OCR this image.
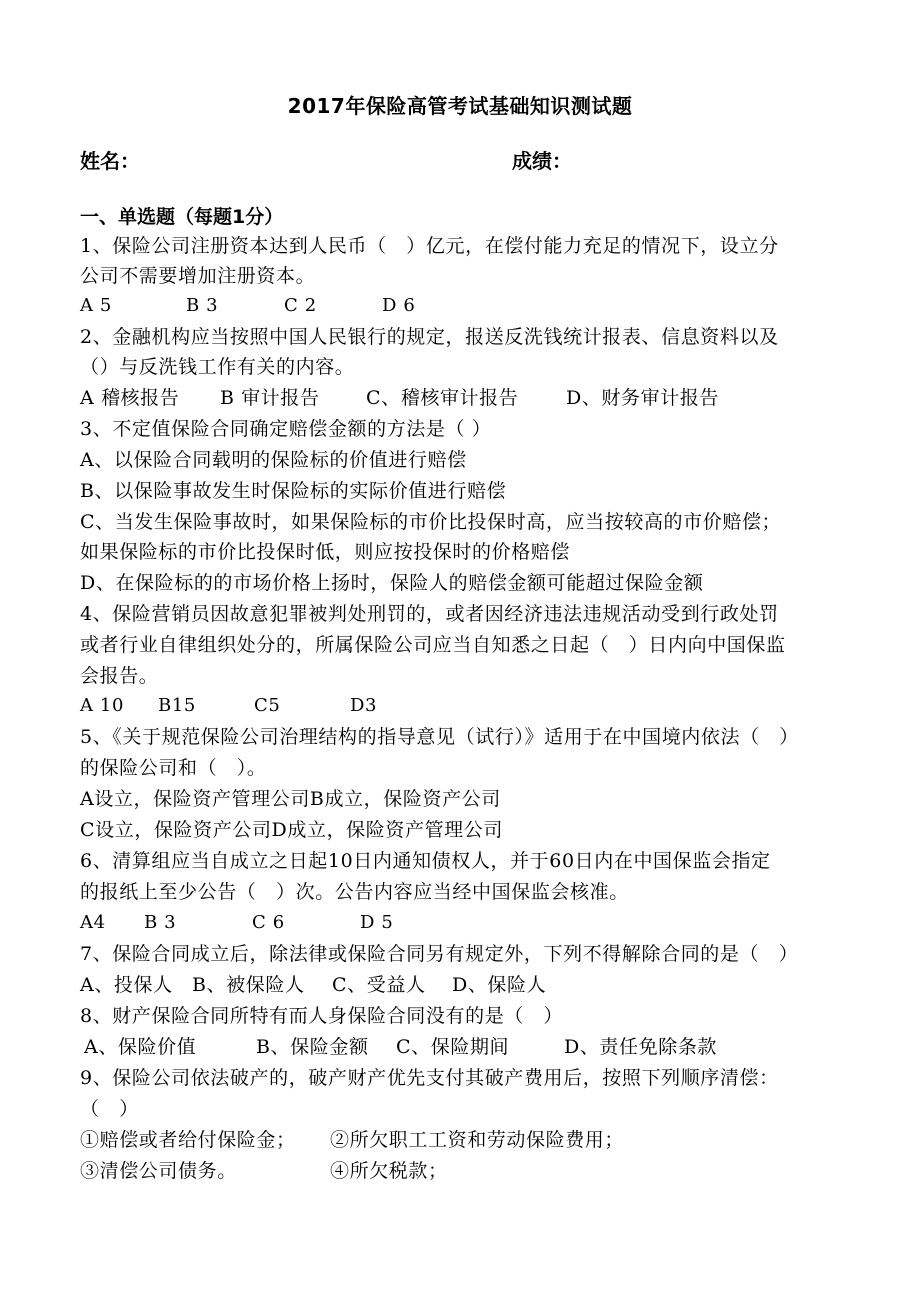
2017年保险高管考试基础知识测试题
姓名：	成绩：
一、单选题（每题1分）
1、保险公司注册资本达到人民币（　）亿元，在偿付能力充足的情况下，设立分
公司不需要增加注册资本。
A 5	B 3	C 2	D 6
2、金融机构应当按照中国人民银行的规定，报送反洗钱统计报表、信息资料以及
（）与反洗钱工作有关的内容。
A 稽核报告 B 审计报告 C、稽核审计报告	D、财务审计报告
3、不定值保险合同确定赔偿金额的方法是（ ）
A、以保险合同载明的保险标的价值进行赔偿
B、以保险事故发生时保险标的实际价值进行赔偿
C、当发生保险事故时，如果保险标的市价比投保时高，应当按较高的市价赔偿；
如果保险标的市价比投保时低，则应按投保时的价格赔偿
D、在保险标的的市场价格上扬时，保险人的赔偿金额可能超过保险金额
4、保险营销员因故意犯罪被判处刑罚的，或者因经济违法违规活动受到行政处罚
或者行业自律组织处分的，所属保险公司应当自知悉之日起（　）日内向中国保监
会报告。
A 10 B15	C5	D3
5、《关于规范保险公司治理结构的指导意见（试行）》适用于在中国境内依法（　）
的保险公司和（　）。
A设立，保险资产管理公司B成立，保险资产公司
C设立，保险资产公司D成立，保险资产管理公司
6、清算组应当自成立之日起10日内通知债权人，并于60日内在中国保监会指定
的报纸上至少公告（　）次。公告内容应当经中国保监会核准。
A4 B 3	C 6	D 5
7、保险合同成立后，除法律或保险合同另有规定外，下列不得解除合同的是（　）
A、投保人 B、被保险人 C、受益人 D、保险人
8、财产保险合同所特有而人身保险合同没有的是（　）
A、保险价值	B、保险金额 C、保险期间	D、责任免除条款
9、保险公司依法破产的，破产财产优先支付其破产费用后，按照下列顺序清偿：
（　）
①赔偿或者给付保险金； ②所欠职工工资和劳动保险费用；
③清偿公司债务。	④所欠税款；
